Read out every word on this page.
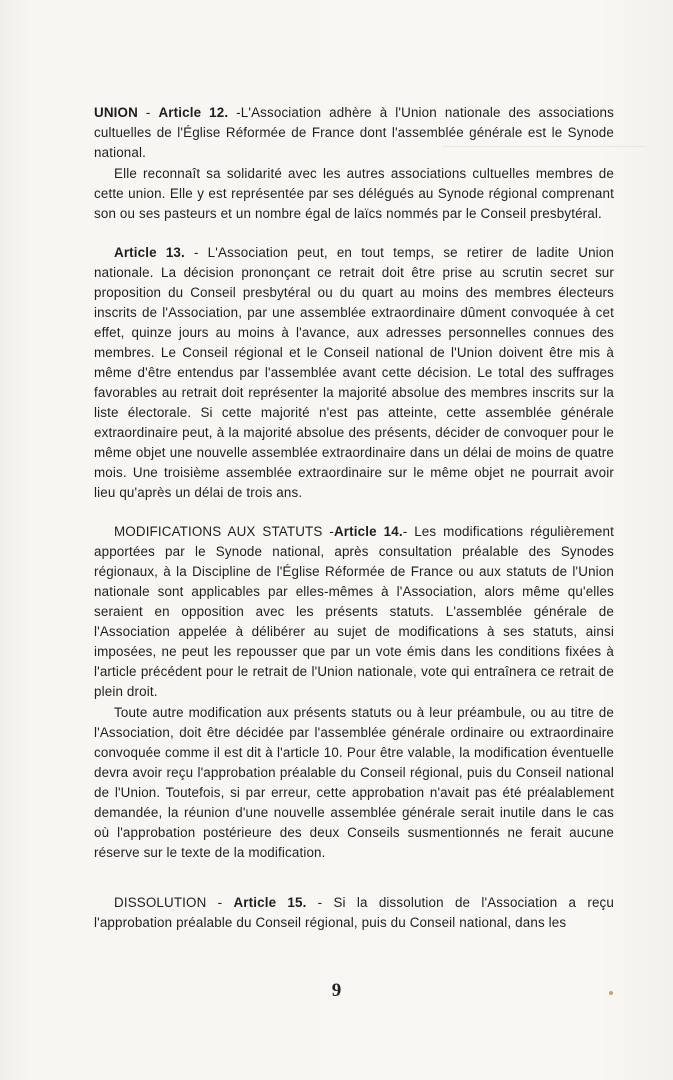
––––––––––––––––––––––––––––

UNION - Article 12. -L'Association adhère à l'Union nationale des associations cultuelles de l'Église Réformée de France dont l'assemblée générale est le Synode national.

Elle reconnaît sa solidarité avec les autres associations cultuelles membres de cette union. Elle y est représentée par ses délégués au Synode régional comprenant son ou ses pasteurs et un nombre égal de laïcs nommés par le Conseil presbytéral.

Article 13. - L'Association peut, en tout temps, se retirer de ladite Union nationale. La décision prononçant ce retrait doit être prise au scrutin secret sur proposition du Conseil presbytéral ou du quart au moins des membres électeurs inscrits de l'Association, par une assemblée extraordinaire dûment convoquée à cet effet, quinze jours au moins à l'avance, aux adresses personnelles connues des membres. Le Conseil régional et le Conseil national de l'Union doivent être mis à même d'être entendus par l'assemblée avant cette décision. Le total des suffrages favorables au retrait doit représenter la majorité absolue des membres inscrits sur la liste électorale. Si cette majorité n'est pas atteinte, cette assemblée générale extraordinaire peut, à la majorité absolue des présents, décider de convoquer pour le même objet une nouvelle assemblée extraordinaire dans un délai de moins de quatre mois. Une troisième assemblée extraordinaire sur le même objet ne pourrait avoir lieu qu'après un délai de trois ans.

MODIFICATIONS AUX STATUTS -Article 14.- Les modifications régulièrement apportées par le Synode national, après consultation préalable des Synodes régionaux, à la Discipline de l'Église Réformée de France ou aux statuts de l'Union nationale sont applicables par elles-mêmes à l'Association, alors même qu'elles seraient en opposition avec les présents statuts. L'assemblée générale de l'Association appelée à délibérer au sujet de modifications à ses statuts, ainsi imposées, ne peut les repousser que par un vote émis dans les conditions fixées à l'article précédent pour le retrait de l'Union nationale, vote qui entraînera ce retrait de plein droit.

Toute autre modification aux présents statuts ou à leur préambule, ou au titre de l'Association, doit être décidée par l'assemblée générale ordinaire ou extraordinaire convoquée comme il est dit à l'article 10. Pour être valable, la modification éventuelle devra avoir reçu l'approbation préalable du Conseil régional, puis du Conseil national de l'Union. Toutefois, si par erreur, cette approbation n'avait pas été préalablement demandée, la réunion d'une nouvelle assemblée générale serait inutile dans le cas où l'approbation postérieure des deux Conseils susmentionnés ne ferait aucune réserve sur le texte de la modification.

DISSOLUTION - Article 15. - Si la dissolution de l'Association a reçu l'approbation préalable du Conseil régional, puis du Conseil national, dans les

9
